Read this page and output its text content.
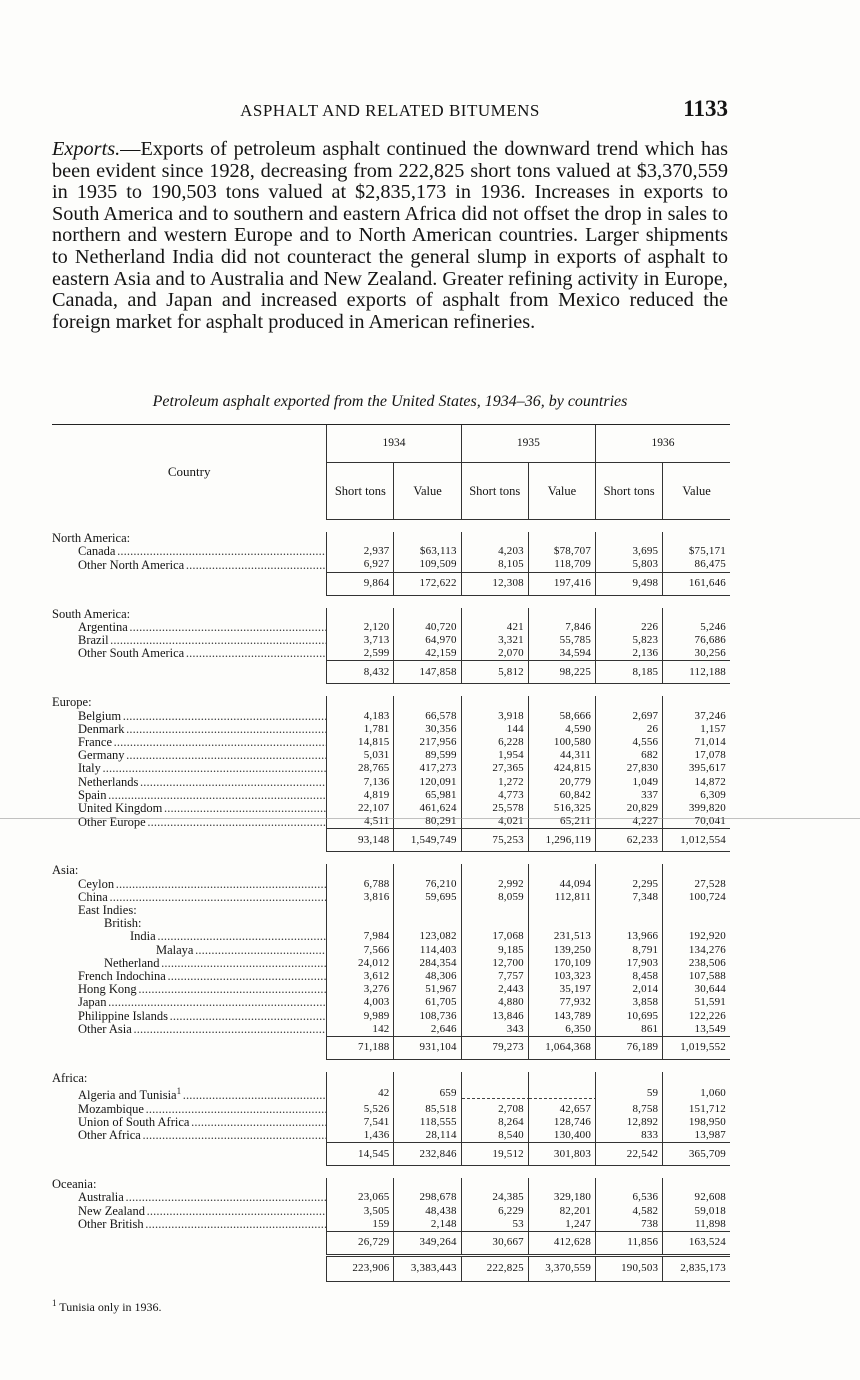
ASPHALT AND RELATED BITUMENS	1133
Exports.—Exports of petroleum asphalt continued the downward trend which has been evident since 1928, decreasing from 222,825 short tons valued at $3,370,559 in 1935 to 190,503 tons valued at $2,835,173 in 1936. Increases in exports to South America and to southern and eastern Africa did not offset the drop in sales to northern and western Europe and to North American countries. Larger shipments to Netherland India did not counteract the general slump in exports of asphalt to eastern Asia and to Australia and New Zealand. Greater refining activity in Europe, Canada, and Japan and increased exports of asphalt from Mexico reduced the foreign market for asphalt produced in American refineries.
Petroleum asphalt exported from the United States, 1934–36, by countries
Country	1934		1935		1936	
	Short tons	Value	Short tons	Value	Short tons	Value

North America:						
Canada . . .	2,937	$63,113	4,203	$78,707	3,695	$75,171
Other North America . . .	6,927	109,509	8,105	118,709	5,803	86,475
	9,864	172,622	12,308	197,416	9,498	161,646

South America:						
Argentina . . .	2,120	40,720	421	7,846	226	5,246
Brazil . . .	3,713	64,970	3,321	55,785	5,823	76,686
Other South America . . .	2,599	42,159	2,070	34,594	2,136	30,256
	8,432	147,858	5,812	98,225	8,185	112,188

Europe:						
Belgium . . .	4,183	66,578	3,918	58,666	2,697	37,246
Denmark . . .	1,781	30,356	144	4,590	26	1,157
France . . .	14,815	217,956	6,228	100,580	4,556	71,014
Germany . . .	5,031	89,599	1,954	44,311	682	17,078
Italy . . .	28,765	417,273	27,365	424,815	27,830	395,617
Netherlands . . .	7,136	120,091	1,272	20,779	1,049	14,872
Spain . . .	4,819	65,981	4,773	60,842	337	6,309
United Kingdom . . .	22,107	461,624	25,578	516,325	20,829	399,820
Other Europe . . .	4,511	80,291	4,021	65,211	4,227	70,041
	93,148	1,549,749	75,253	1,296,119	62,233	1,012,554

Asia:						
Ceylon . . .	6,788	76,210	2,992	44,094	2,295	27,528
China . . .	3,816	59,695	8,059	112,811	7,348	100,724
East Indies:						
British:						
India . . .	7,984	123,082	17,068	231,513	13,966	192,920
Malaya . . .	7,566	114,403	9,185	139,250	8,791	134,276
Netherland . . .	24,012	284,354	12,700	170,109	17,903	238,506
French Indochina . . .	3,612	48,306	7,757	103,323	8,458	107,588
Hong Kong . . .	3,276	51,967	2,443	35,197	2,014	30,644
Japan . . .	4,003	61,705	4,880	77,932	3,858	51,591
Philippine Islands . . .	9,989	108,736	13,846	143,789	10,695	122,226
Other Asia . . .	142	2,646	343	6,350	861	13,549
	71,188	931,104	79,273	1,064,368	76,189	1,019,552

Africa:						
Algeria and Tunisia$^1$ . . .	42	659			59	1,060
Mozambique . . .	5,526	85,518	2,708	42,657	8,758	151,712
Union of South Africa . . .	7,541	118,555	8,264	128,746	12,892	198,950
Other Africa . . .	1,436	28,114	8,540	130,400	833	13,987
	14,545	232,846	19,512	301,803	22,542	365,709

Oceania:						
Australia . . .	23,065	298,678	24,385	329,180	6,536	92,608
New Zealand . . .	3,505	48,438	6,229	82,201	4,582	59,018
Other British . . .	159	2,148	53	1,247	738	11,898
	26,729	349,264	30,667	412,628	11,856	163,524
	223,906	3,383,443	222,825	3,370,559	190,503	2,835,173
$^1$ Tunisia only in 1936.
